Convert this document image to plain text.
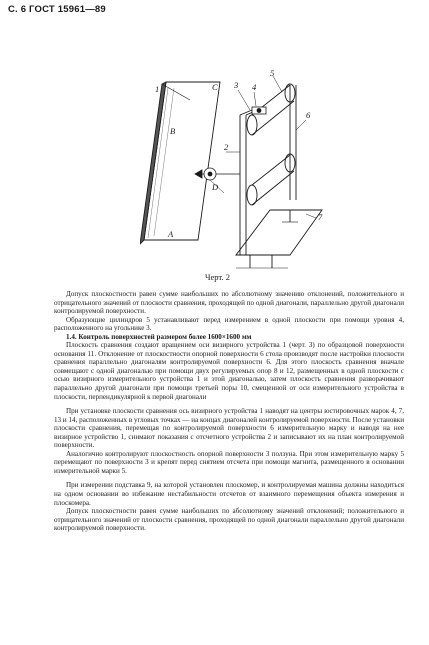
С. 6 ГОСТ 15961—89
1
2
3 4
5
6
7
C
B
D
A
Черт. 2

Допуск плоскостности равен сумме наибольших по абсолютному значению отклонений, положительного и отрицательного значений от плоскости сравнения, проходящей по одной диагонали, параллельно другой диагонали контролируемой поверхности.

Образующие цилиндров 5 устанавливают перед измерением в одной плоскости при помощи уровня 4, расположенного на угольнике 3.

1.4. Контроль поверхностей размером более 1600×1600 мм

Плоскость сравнения создают вращением оси визирного устройства 1 (черт. 3) по образцовой поверхности основания 11. Отклонение от плоскостности опорной поверхности 6 стола производят после настройки плоскости сравнения параллельно диагоналям контролируемой поверхности 6. Для этого плоскость сравнения вначале совмещают с одной диагональю при помощи двух регулируемых опор 8 и 12, размещенных в одной плоскости с осью визирного измерительного устройства 1 и этой диагональю, затем плоскость сравнения разворачивают параллельно другой диагонали при помощи третьей поры 10, смещенной от оси измерительного устройства в плоскости, перпендикулярной к первой диагонали

При установке плоскости сравнения ось визирного устройства 1 наводят на центры юстировочных марок 4, 7, 13 и 14, расположенных в угловых точках — на концах диагоналей контролируемой поверхности. После установки плоскости сравнения, перемещая по контролируемой поверхности 6 измерительную марку и наводя на нее визирное устройство 1, снимают показания с отсчетного устройства 2 и записывают их на план контролируемой поверхности.

Аналогично контролируют плоскостность опорной поверхности 3 ползуна. При этом измерительную марку 5 перемещают по поверхности 3 и крепят перед снятием отсчета при помощи магнита, размещенного в основании измерительной марки 5.

При измерении подставка 9, на которой установлен плоскомер, и контролируемая машина должны находиться на одном основании во избежание нестабильности отсчетов от взаимного перемещения объекта измерения и плоскомера.

Допуск плоскостности равен сумме наибольших по абсолютному значений отклонений; положительного и отрицательного значений от плоскости сравнения, проходящей по одной диагонали параллельно другой диагонали контролируемой поверхности.
